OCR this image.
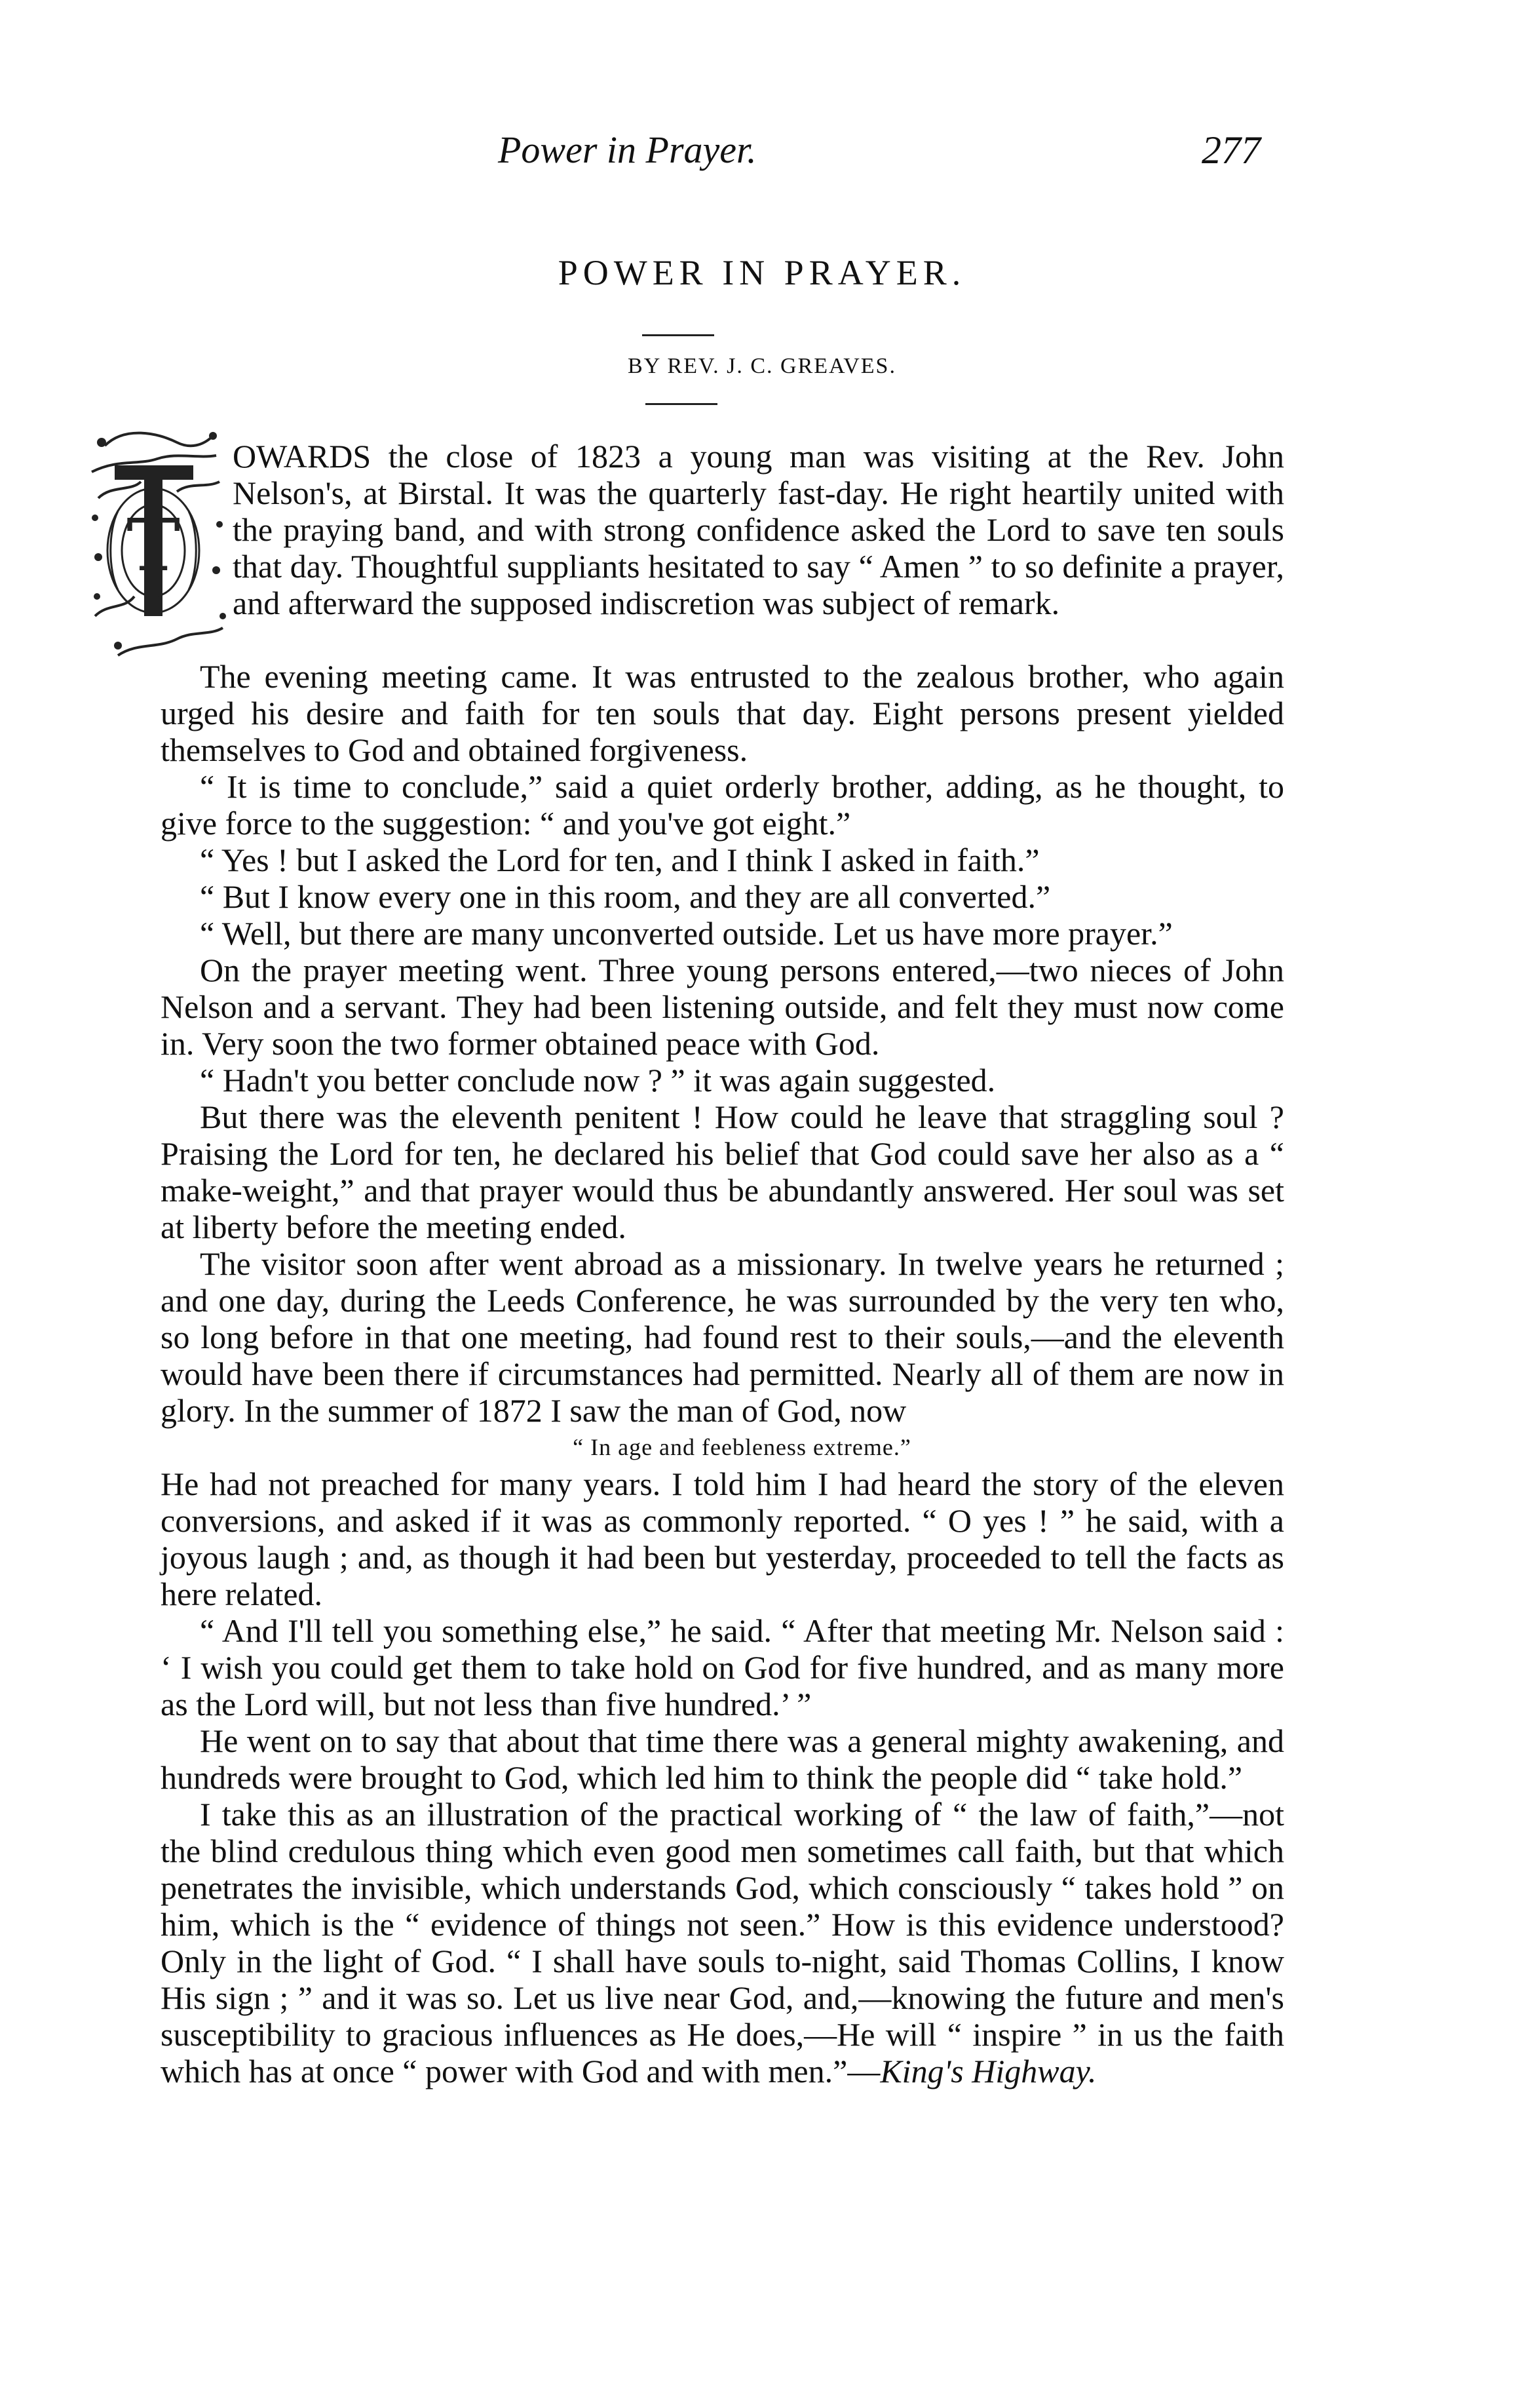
Power in Prayer.	277
POWER IN PRAYER.
BY REV. J. C. GREAVES.
T

OWARDS the close of 1823 a young man was visiting at the Rev. John Nelson's, at Birstal. It was the quarterly fast-day. He right heartily united with the praying band, and with strong confidence asked the Lord to save ten souls that day. Thoughtful suppliants hesitated to say “ Amen ” to so definite a prayer, and afterward the supposed indiscretion was subject of remark.

The evening meeting came. It was entrusted to the zealous brother, who again urged his desire and faith for ten souls that day. Eight persons present yielded themselves to God and obtained forgiveness.

“ It is time to conclude,” said a quiet orderly brother, adding, as he thought, to give force to the suggestion: “ and you've got eight.”

“ Yes ! but I asked the Lord for ten, and I think I asked in faith.”

“ But I know every one in this room, and they are all converted.”

“ Well, but there are many unconverted outside. Let us have more prayer.”

On the prayer meeting went. Three young persons entered,—two nieces of John Nelson and a servant. They had been listening outside, and felt they must now come in. Very soon the two former obtained peace with God.

“ Hadn't you better conclude now ? ” it was again suggested.

But there was the eleventh penitent ! How could he leave that straggling soul ? Praising the Lord for ten, he declared his belief that God could save her also as a “ make-weight,” and that prayer would thus be abundantly answered. Her soul was set at liberty before the meeting ended.

The visitor soon after went abroad as a missionary. In twelve years he returned ; and one day, during the Leeds Conference, he was surrounded by the very ten who, so long before in that one meeting, had found rest to their souls,—and the eleventh would have been there if circumstances had permitted. Nearly all of them are now in glory. In the summer of 1872 I saw the man of God, now

“ In age and feebleness extreme.”

He had not preached for many years. I told him I had heard the story of the eleven conversions, and asked if it was as commonly reported. “ O yes ! ” he said, with a joyous laugh ; and, as though it had been but yesterday, proceeded to tell the facts as here related.

“ And I'll tell you something else,” he said. “ After that meeting Mr. Nelson said : ‘ I wish you could get them to take hold on God for five hundred, and as many more as the Lord will, but not less than five hundred.’ ”

He went on to say that about that time there was a general mighty awakening, and hundreds were brought to God, which led him to think the people did “ take hold.”

I take this as an illustration of the practical working of “ the law of faith,”—not the blind credulous thing which even good men sometimes call faith, but that which penetrates the invisible, which understands God, which consciously “ takes hold ” on him, which is the “ evidence of things not seen.” How is this evidence understood? Only in the light of God. “ I shall have souls to-night, said Thomas Collins, I know His sign ; ” and it was so. Let us live near God, and,—knowing the future and men's susceptibility to gracious influences as He does,—He will “ inspire ” in us the faith which has at once “ power with God and with men.”—King's Highway.
